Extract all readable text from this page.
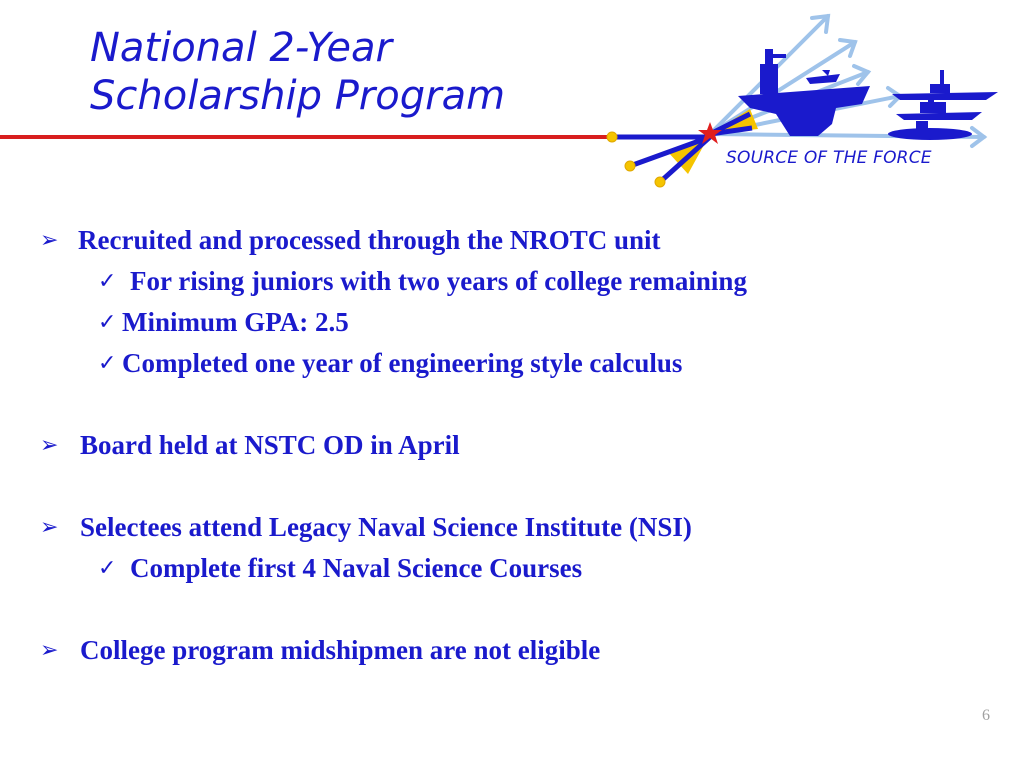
National 2-Year
Scholarship Program
SOURCE OF THE FORCE
➢ Recruited and processed through the NROTC unit
✓ For rising juniors with two years of college remaining
✓ Minimum GPA: 2.5
✓ Completed one year of engineering style calculus
➢ Board held at NSTC OD in April
➢ Selectees attend Legacy Naval Science Institute (NSI)
✓ Complete first 4 Naval Science Courses
➢ College program midshipmen are not eligible
6
